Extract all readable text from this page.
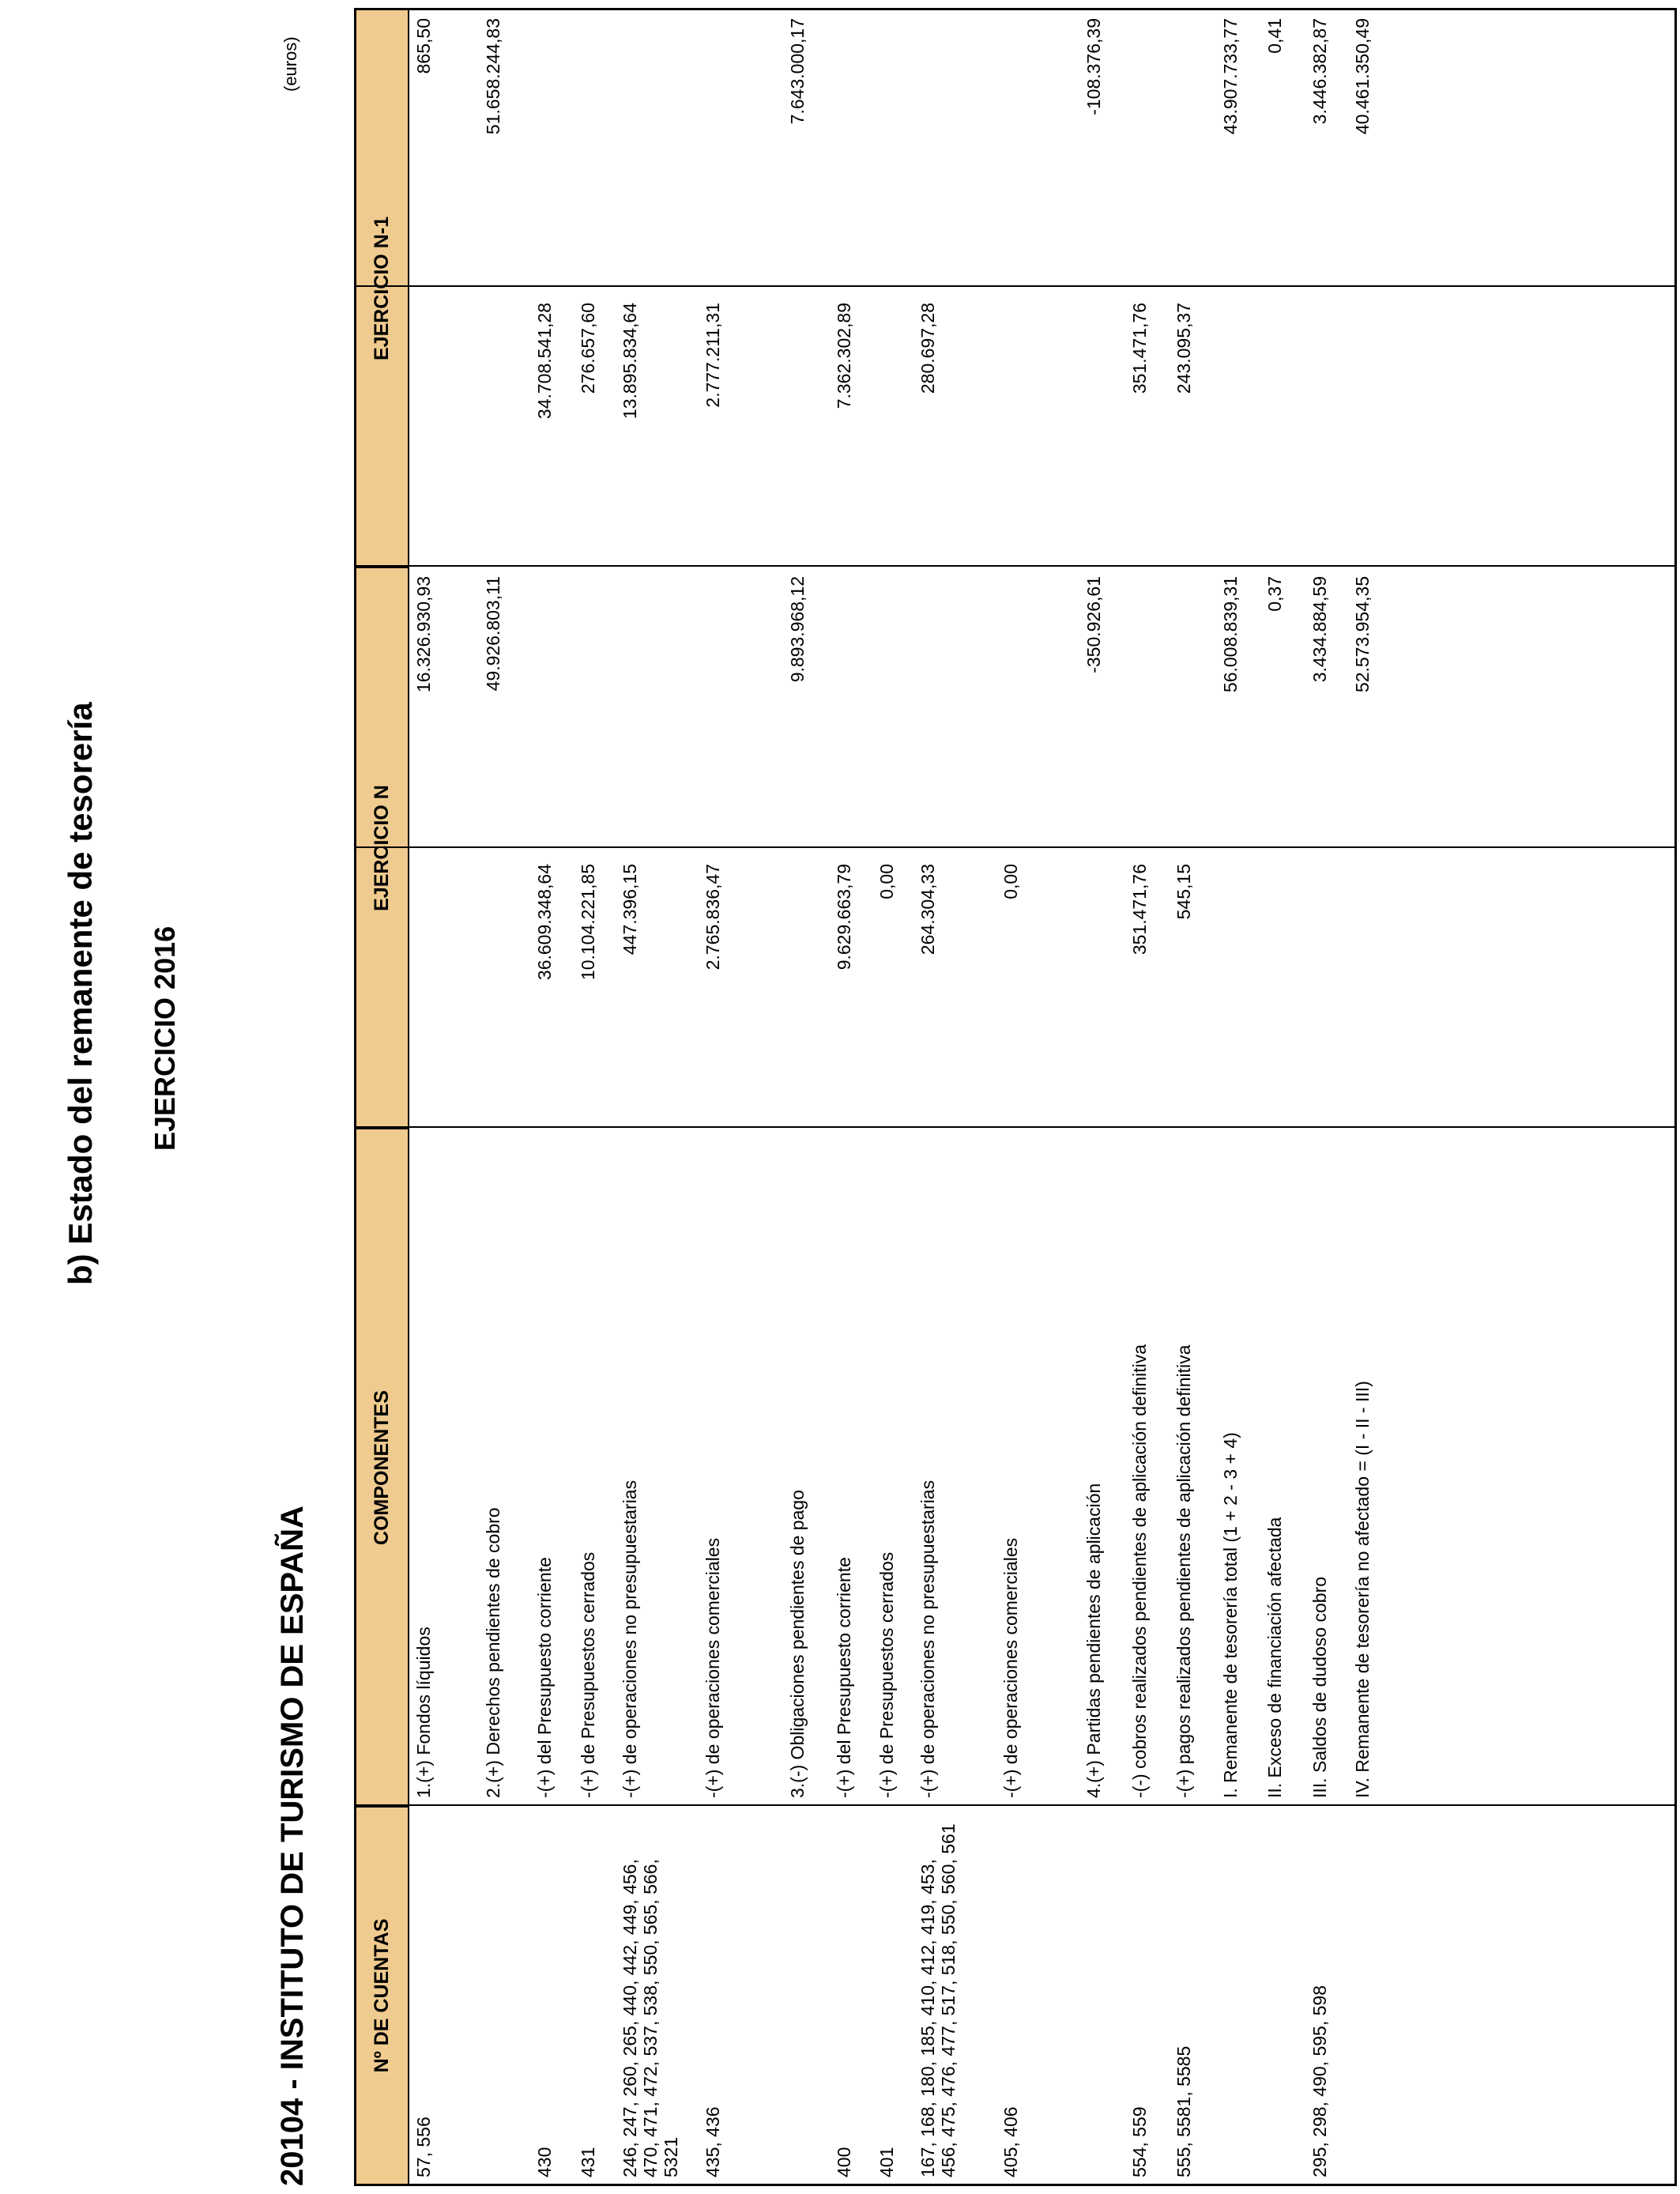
b) Estado del remanente de tesorería EJERCICIO 2016
20104 - INSTITUTO DE TURISMO DE ESPAÑA
(euros)
Nº DE CUENTAS
COMPONENTES
EJERCICIO N
EJERCICIO N-1
57, 556
1.(+) Fondos líquidos
16.326.930,93
865,50
2.(+) Derechos pendientes de cobro
49.926.803,11
51.658.244,83
430
-(+) del Presupuesto corriente
36.609.348,64
34.708.541,28
431
-(+) de Presupuestos cerrados
10.104.221,85
276.657,60
246, 247, 260, 265, 440, 442, 449, 456, 470, 471, 472, 537, 538, 550, 565, 566, 5321
-(+) de operaciones no presupuestarias
447.396,15
13.895.834,64
435, 436
-(+) de operaciones comerciales
2.765.836,47
2.777.211,31
3.(-) Obligaciones pendientes de pago
9.893.968,12
7.643.000,17
400
-(+) del Presupuesto corriente
9.629.663,79
7.362.302,89
401
-(+) de Presupuestos cerrados
0,00
167, 168, 180, 185, 410, 412, 419, 453, 456, 475, 476, 477, 517, 518, 550, 560, 561
-(+) de operaciones no presupuestarias
264.304,33
280.697,28
405, 406
-(+) de operaciones comerciales
0,00
4.(+) Partidas pendientes de aplicación
-350.926,61
-108.376,39
554, 559
-(-) cobros realizados pendientes de aplicación definitiva
351.471,76
351.471,76
555, 5581, 5585
-(+) pagos realizados pendientes de aplicación definitiva
545,15
243.095,37
I. Remanente de tesorería total (1 + 2 - 3 + 4)
56.008.839,31
43.907.733,77
II. Exceso de financiación afectada
0,37
0,41
295, 298, 490, 595, 598
III. Saldos de dudoso cobro
3.434.884,59
3.446.382,87
IV. Remanente de tesorería no afectado = (I - II - III)
52.573.954,35
40.461.350,49
